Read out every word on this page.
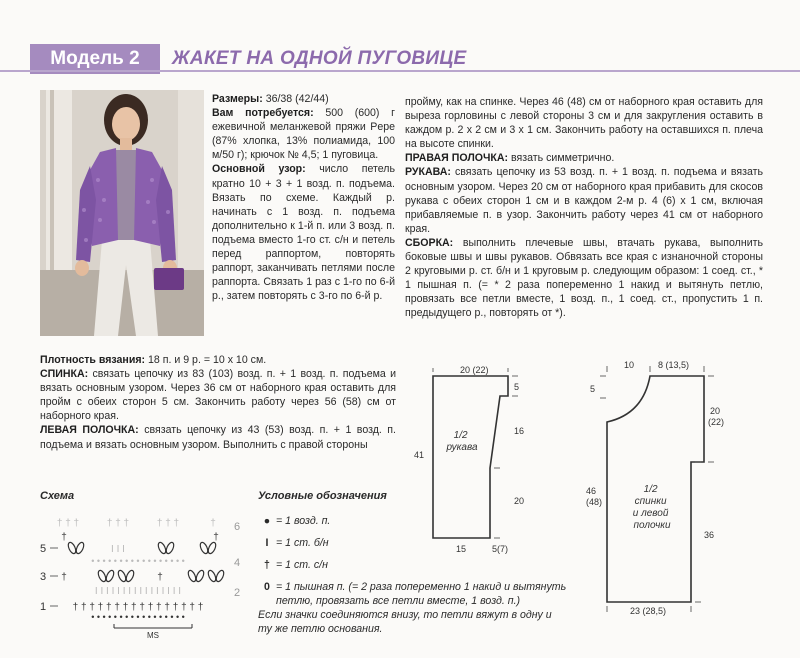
Модель 2	ЖАКЕТ НА ОДНОЙ ПУГОВИЦЕ
Размеры: 36/38 (42/44)
Вам потребуется: 500 (600) г ежевичной меланжевой пряжи Pepe (87% хлопка, 13% полиамида, 100 м/50 г); крючок № 4,5; 1 пуговица.
Основной узор: число петель кратно 10 + 3 + 1 возд. п. подъема. Вязать по схеме. Каждый р. начинать с 1 возд. п. подъема дополнительно к 1-й п. или 3 возд. п. подъема вместо 1-го ст. с/н и петель перед раппортом, повторять раппорт, заканчивать петлями после раппорта. Связать 1 раз с 1-го по 6-й р., затем повторять с 3-го по 6-й р.
Плотность вязания: 18 п. и 9 р. = 10 х 10 см.
СПИНКА: связать цепочку из 83 (103) возд. п. + 1 возд. п. подъема и вязать основным узором. Через 36 см от наборного края оставить для пройм с обеих сторон 5 см. Закончить работу через 56 (58) см от наборного края.
ЛЕВАЯ ПОЛОЧКА: связать цепочку из 43 (53) возд. п. + 1 возд. п. подъема и вязать основным узором. Выполнить с правой стороны
пройму, как на спинке. Через 46 (48) см от наборного края оставить для выреза горловины с левой стороны 3 см и для закругления оставить в каждом р. 2 х 2 см и 3 х 1 см. Закончить работу на оставшихся п. плеча на высоте спинки.
ПРАВАЯ ПОЛОЧКА: вязать симметрично.
РУКАВА: связать цепочку из 53 возд. п. + 1 возд. п. подъема и вязать основным узором. Через 20 см от наборного края прибавить для скосов рукава с обеих сторон 1 см и в каждом 2-м р. 4 (6) х 1 см, включая прибавляемые п. в узор. Закончить работу через 41 см от наборного края.
СБОРКА: выполнить плечевые швы, втачать рукава, выполнить боковые швы и швы рукавов. Обвязать все края с изнаночной стороны 2 круговыми р. ст. б/н и 1 круговым р. следующим образом: 1 соед. ст., * 1 пышная п. (= * 2 раза попеременно 1 накид и вытянуть петлю, провязать все петли вместе, 1 возд. п., 1 соед. ст., пропустить 1 п. предыдущего р., повторять от *).
Схема
5
3
1
6
4
2
† † †	† † †	† † †	†
†	†
I I I
• • • • • • • • • • • • • • • • •
†	†
I I I I I I I I I I I I I I I I
† † † † † † † † † † † † † † † †
• • • • • • • • • • • • • • • • •
MS
Условные обозначения
● = 1 возд. п.
I = 1 ст. б/н
† = 1 ст. с/н
0 = 1 пышная п. (= 2 раза попеременно 1 накид и вытянуть
петлю, провязать все петли вместе, 1 возд. п.)
Если значки соединяются внизу, то петли вяжут в одну и
ту же петлю основания.
20 (22)
5
16
41
20
15	5(7)
1/2 рукава
10	8 (13,5)
5
20
(22)
46
(48)
36
23 (28,5)
1/2 спинки и левой полочки
